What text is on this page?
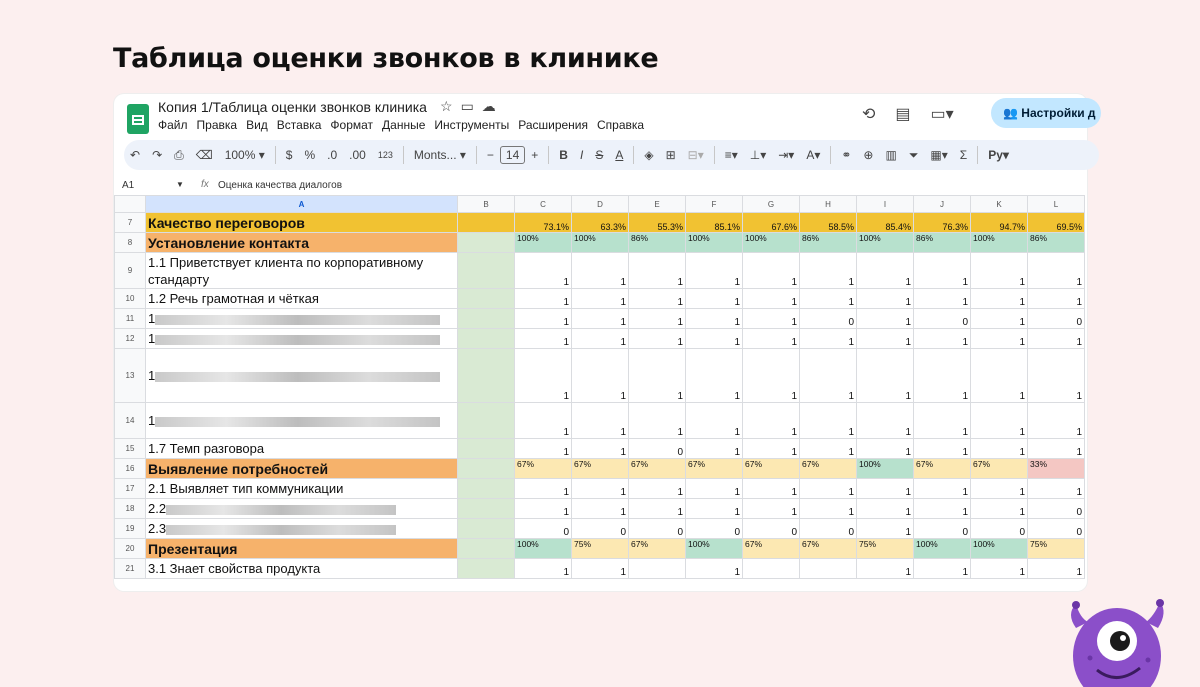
Таблица оценки звонков в клинике
Копия 1/Таблица оценки звонков клиника ☆ ▭ ☁
Файл Правка Вид Вставка Формат Данные Инструменты Расширения Справка
⟲ ▤ ▭▾	👥 Настройки д
↶	↷	⎙	⌫	100% ▾	$	%	.0	.00	123	Monts... ▾	−	14	+	B	I	S	A	◈	⊞	⊟▾	≡▾	⊥▾	⇥▾	A▾	⚭	⊕	▥	⏷	▦▾	Σ	Ру▾
A1	▼ fx Оценка качества диалогов
	A	B	C	D	E	F	G	H	I	J	K	L
7	Качество переговоров		73.1%	63.3%	55.3%	85.1%	67.6%	58.5%	85.4%	76.3%	94.7%	69.5%
8	Установление контакта		100%	100%	86%	100%	100%	86%	100%	86%	100%	86%
9	1.1 Приветствует клиента по корпоративному стандарту		1	1	1	1	1	1	1	1	1	1
10	1.2 Речь грамотная и чёткая		1	1	1	1	1	1	1	1	1	1
11	1		1	1	1	1	1	0	1	0	1	0
12	1		1	1	1	1	1	1	1	1	1	1
13	1		1	1	1	1	1	1	1	1	1	1
14	1		1	1	1	1	1	1	1	1	1	1
15	1.7 Темп разговора		1	1	0	1	1	1	1	1	1	1
16	Выявление потребностей		67%	67%	67%	67%	67%	67%	100%	67%	67%	33%
17	2.1 Выявляет тип коммуникации		1	1	1	1	1	1	1	1	1	1
18	2.2		1	1	1	1	1	1	1	1	1	0
19	2.3		0	0	0	0	0	0	1	0	0	0
20	Презентация		100%	75%	67%	100%	67%	67%	75%	100%	100%	75%
21	3.1 Знает свойства продукта		1	1		1			1	1	1	1
